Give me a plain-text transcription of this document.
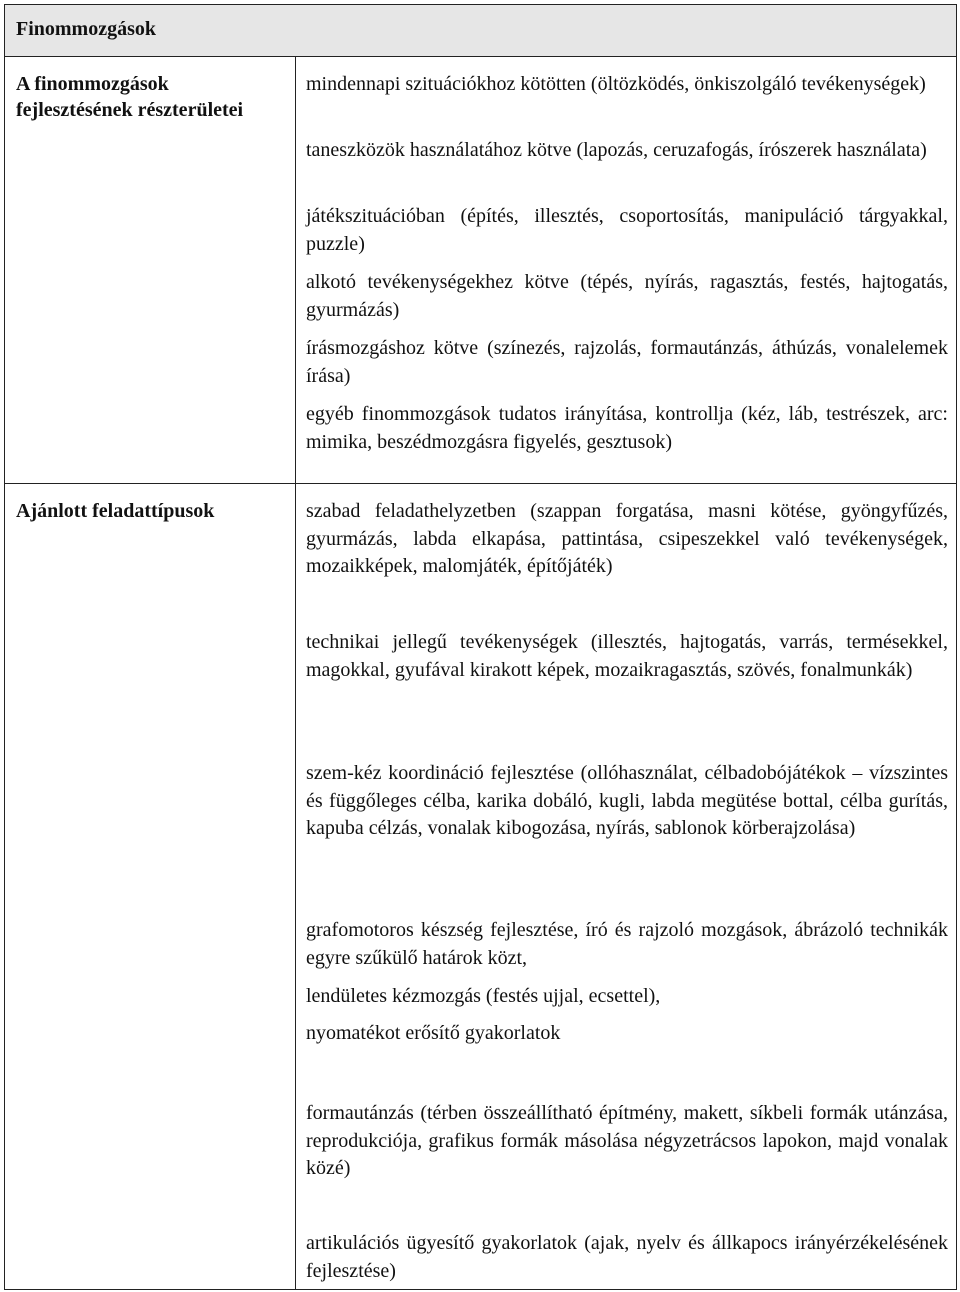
Finommozgások
A finommozgások fejlesztésének részterületei
mindennapi szituációkhoz kötötten (öltözködés, önkiszolgáló tevékenységek)
taneszközök használatához kötve (lapozás, ceruzafogás, írószerek használata)
játékszituációban (építés, illesztés, csoportosítás, manipuláció tárgyakkal, puzzle)
alkotó tevékenységekhez kötve (tépés, nyírás, ragasztás, festés, hajtogatás, gyurmázás)
írásmozgáshoz kötve (színezés, rajzolás, formautánzás, áthúzás, vonalelemek írása)
egyéb finommozgások tudatos irányítása, kontrollja (kéz, láb, testrészek, arc: mimika, beszédmozgásra figyelés, gesztusok)
Ajánlott feladattípusok	szabad feladathelyzetben (szappan forgatása, masni kötése, gyöngyfűzés, gyurmázás, labda elkapása, pattintása, csipeszekkel való tevékenységek, mozaikképek, malomjáték, építőjáték)
technikai jellegű tevékenységek (illesztés, hajtogatás, varrás, termésekkel, magokkal, gyufával kirakott képek, mozaikragasztás, szövés, fonalmunkák)
szem-kéz koordináció fejlesztése (ollóhasználat, célbadobójátékok – vízszintes és függőleges célba, karika dobáló, kugli, labda megütése bottal, célba gurítás, kapuba célzás, vonalak kibogozása, nyírás, sablonok körberajzolása)
grafomotoros készség fejlesztése, író és rajzoló mozgások, ábrázoló technikák egyre szűkülő határok közt,
lendületes kézmozgás (festés ujjal, ecsettel),
nyomatékot erősítő gyakorlatok
formautánzás (térben összeállítható építmény, makett, síkbeli formák utánzása, reprodukciója, grafikus formák másolása négyzetrácsos lapokon, majd vonalak közé)
artikulációs ügyesítő gyakorlatok (ajak, nyelv és állkapocs irányérzékelésének fejlesztése)
